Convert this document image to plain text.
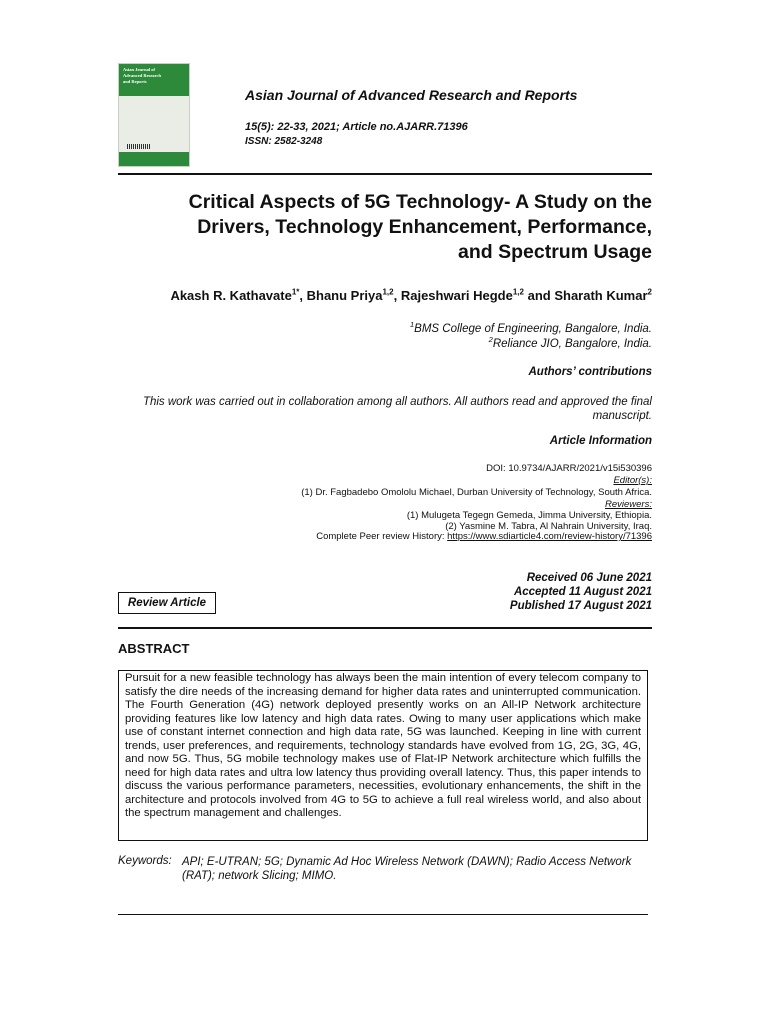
Asian Journal of
Advanced Research
and Reports
Asian Journal of Advanced Research and Reports
15(5): 22-33, 2021; Article no.AJARR.71396
ISSN: 2582-3248
Critical Aspects of 5G Technology- A Study on the
Drivers, Technology Enhancement, Performance,
and Spectrum Usage
Akash R. Kathavate$^{1*}$, Bhanu Priya$^{1,2}$, Rajeshwari Hegde$^{1,2}$ and Sharath Kumar$^2$
$^1$BMS College of Engineering, Bangalore, India.
$^2$Reliance JIO, Bangalore, India.
Authors’ contributions
This work was carried out in collaboration among all authors. All authors read and approved the final manuscript.
Article Information
DOI: 10.9734/AJARR/2021/v15i530396
Editor(s):
(1) Dr. Fagbadebo Omololu Michael, Durban University of Technology, South Africa.
Reviewers:
(1) Mulugeta Tegegn Gemeda, Jimma University, Ethiopia.
(2) Yasmine M. Tabra, Al Nahrain University, Iraq.
Complete Peer review History: https://www.sdiarticle4.com/review-history/71396
Review Article
Received 06 June 2021
Accepted 11 August 2021
Published 17 August 2021
ABSTRACT
Pursuit for a new feasible technology has always been the main intention of every telecom company to satisfy the dire needs of the increasing demand for higher data rates and uninterrupted communication. The Fourth Generation (4G) network deployed presently works on an All-IP Network architecture providing features like low latency and high data rates. Owing to many user applications which make use of constant internet connection and high data rate, 5G was launched. Keeping in line with current trends, user preferences, and requirements, technology standards have evolved from 1G, 2G, 3G, 4G, and now 5G. Thus, 5G mobile technology makes use of Flat-IP Network architecture which fulfills the need for high data rates and ultra low latency thus providing overall latency. Thus, this paper intends to discuss the various performance parameters, necessities, evolutionary enhancements, the shift in the architecture and protocols involved from 4G to 5G to achieve a full real wireless world, and also about the spectrum management and challenges.
Keywords: API; E-UTRAN; 5G; Dynamic Ad Hoc Wireless Network (DAWN); Radio Access Network (RAT); network Slicing; MIMO.
